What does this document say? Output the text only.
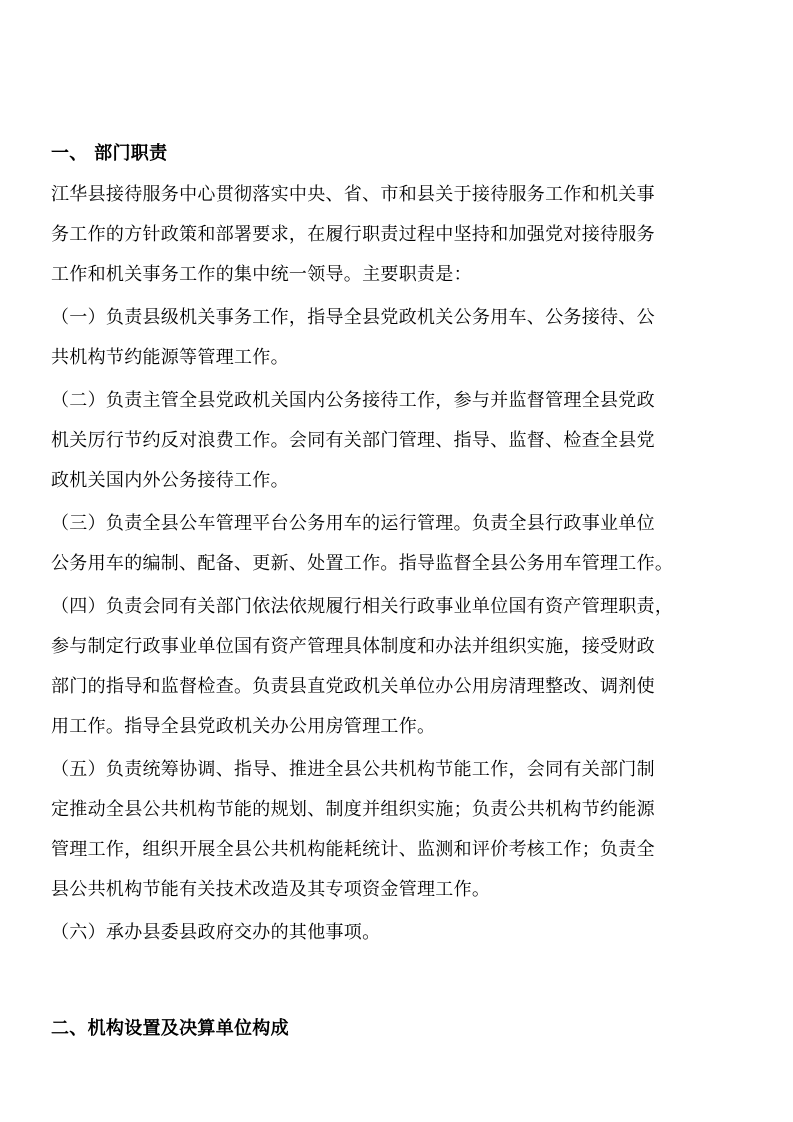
一、 部门职责
江华县接待服务中心贯彻落实中央、省、市和县关于接待服务工作和机关事
务工作的方针政策和部署要求，在履行职责过程中坚持和加强党对接待服务
工作和机关事务工作的集中统一领导。主要职责是：
（一）负责县级机关事务工作，指导全县党政机关公务用车、公务接待、公
共机构节约能源等管理工作。
（二）负责主管全县党政机关国内公务接待工作，参与并监督管理全县党政
机关厉行节约反对浪费工作。会同有关部门管理、指导、监督、检查全县党
政机关国内外公务接待工作。
（三）负责全县公车管理平台公务用车的运行管理。负责全县行政事业单位
公务用车的编制、配备、更新、处置工作。指导监督全县公务用车管理工作。
（四）负责会同有关部门依法依规履行相关行政事业单位国有资产管理职责，
参与制定行政事业单位国有资产管理具体制度和办法并组织实施，接受财政
部门的指导和监督检查。负责县直党政机关单位办公用房清理整改、调剂使
用工作。指导全县党政机关办公用房管理工作。
（五）负责统筹协调、指导、推进全县公共机构节能工作，会同有关部门制
定推动全县公共机构节能的规划、制度并组织实施；负责公共机构节约能源
管理工作，组织开展全县公共机构能耗统计、监测和评价考核工作；负责全
县公共机构节能有关技术改造及其专项资金管理工作。
（六）承办县委县政府交办的其他事项。
二、机构设置及决算单位构成
